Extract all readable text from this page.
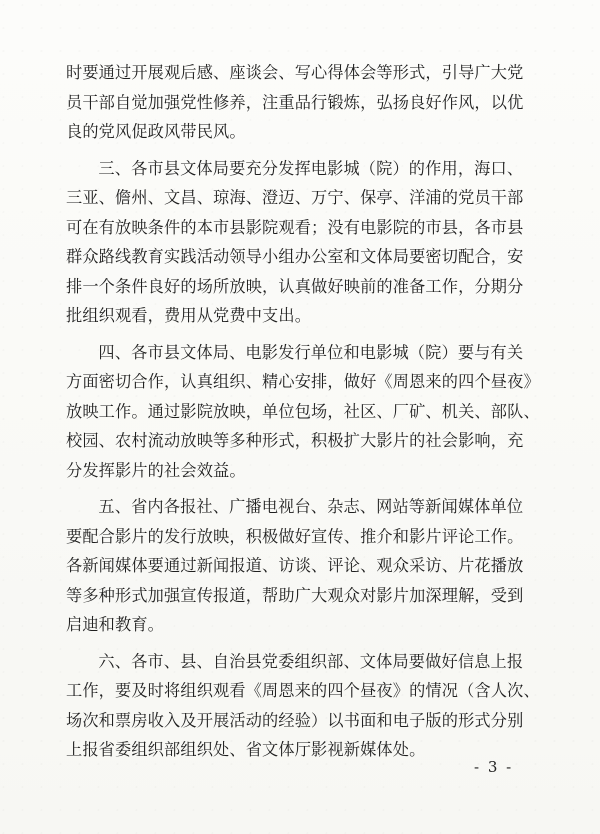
时要通过开展观后感、座谈会、写心得体会等形式，引导广大党
员干部自觉加强党性修养，注重品行锻炼，弘扬良好作风，以优
良的党风促政风带民风。

三、各市县文体局要充分发挥电影城（院）的作用，海口、
三亚、儋州、文昌、琼海、澄迈、万宁、保亭、洋浦的党员干部
可在有放映条件的本市县影院观看；没有电影院的市县，各市县
群众路线教育实践活动领导小组办公室和文体局要密切配合，安
排一个条件良好的场所放映，认真做好映前的准备工作，分期分
批组织观看，费用从党费中支出。

四、各市县文体局、电影发行单位和电影城（院）要与有关
方面密切合作，认真组织、精心安排，做好《周恩来的四个昼夜》
放映工作。通过影院放映，单位包场，社区、厂矿、机关、部队、
校园、农村流动放映等多种形式，积极扩大影片的社会影响，充
分发挥影片的社会效益。

五、省内各报社、广播电视台、杂志、网站等新闻媒体单位
要配合影片的发行放映，积极做好宣传、推介和影片评论工作。
各新闻媒体要通过新闻报道、访谈、评论、观众采访、片花播放
等多种形式加强宣传报道，帮助广大观众对影片加深理解，受到
启迪和教育。

六、各市、县、自治县党委组织部、文体局要做好信息上报
工作，要及时将组织观看《周恩来的四个昼夜》的情况（含人次、
场次和票房收入及开展活动的经验）以书面和电子版的形式分别
上报省委组织部组织处、省文体厅影视新媒体处。

- 3 -
